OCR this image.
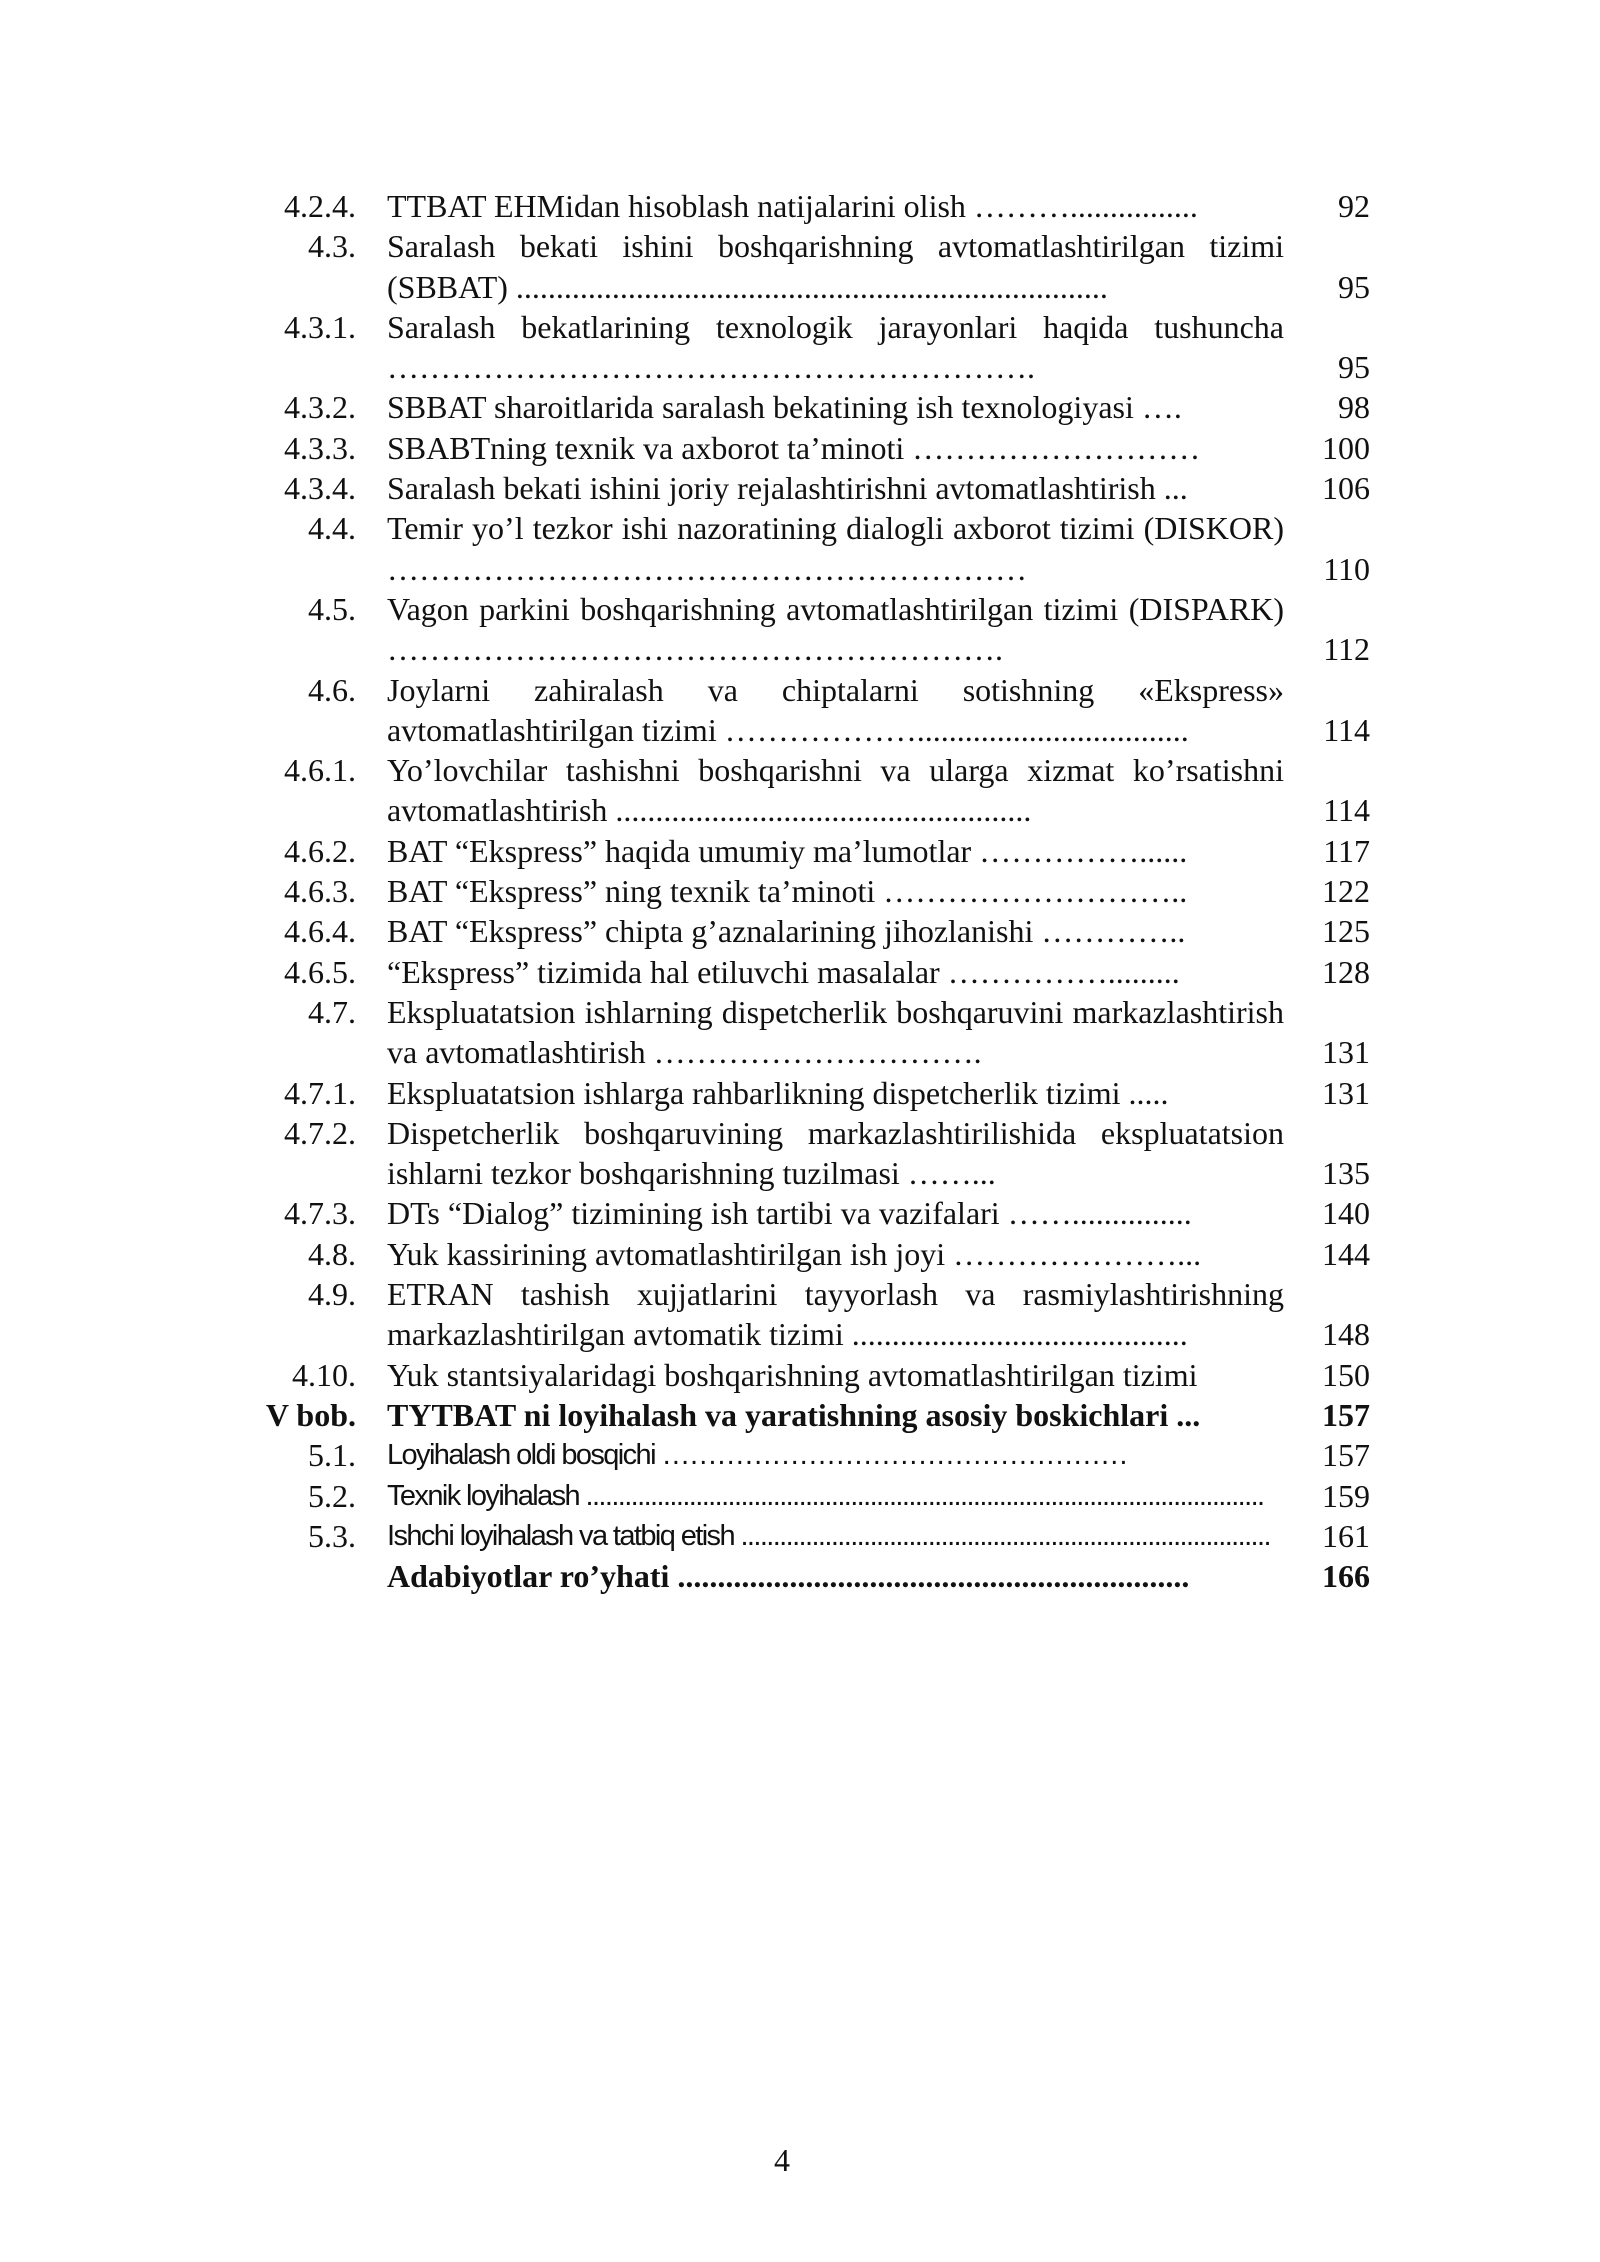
4.2.4. TTBAT EHMidan hisoblash natijalarini olish ………................	92
4.3. Saralash bekati ishini boshqarishning avtomatlashtirilgan tizimi (SBBAT) ..........................................................................	95
4.3.1. Saralash bekatlarining texnologik jarayonlari haqida tushuncha …………………………………………………….	95
4.3.2. SBBAT sharoitlarida saralash bekatining ish texnologiyasi ….	98
4.3.3. SBABTning texnik va axborot ta’minoti ………………………	100
4.3.4. Saralash bekati ishini joriy rejalashtirishni avtomatlashtirish ...	106
4.4. Temir yo’l tezkor ishi nazoratining dialogli axborot tizimi (DISKOR) ……………………………………………………	110
4.5. Vagon parkini boshqarishning avtomatlashtirilgan tizimi (DISPARK) ………………………………………………….	112
4.6. Joylarni zahiralash va chiptalarni sotishning «Ekspress» avtomatlashtirilgan tizimi ………………..................................	114
4.6.1. Yo’lovchilar tashishni boshqarishni va ularga xizmat ko’rsatishni avtomatlashtirish ....................................................	114
4.6.2. BAT “Ekspress” haqida umumiy ma’lumotlar ……………......	117
4.6.3. BAT “Ekspress” ning texnik ta’minoti ………………………..	122
4.6.4. BAT “Ekspress” chipta g’aznalarining jihozlanishi …………..	125
4.6.5. “Ekspress” tizimida hal etiluvchi masalalar …………….........	128
4.7. Ekspluatatsion ishlarning dispetcherlik boshqaruvini markazlashtirish va avtomatlashtirish ………………………….	131
4.7.1. Ekspluatatsion ishlarga rahbarlikning dispetcherlik tizimi .....	131
4.7.2. Dispetcherlik boshqaruvining markazlashtirilishida ekspluatatsion ishlarni tezkor boshqarishning tuzilmasi ……...	135
4.7.3. DTs “Dialog” tizimining ish tartibi va vazifalari ……...............	140
4.8. Yuk kassirining avtomatlashtirilgan ish joyi …………………...	144
4.9. ETRAN tashish xujjatlarini tayyorlash va rasmiylashtirishning markazlashtirilgan avtomatik tizimi ..........................................	148
4.10. Yuk stantsiyalaridagi boshqarishning avtomatlashtirilgan tizimi	150
V bob. TYTBAT ni loyihalash va yaratishning asosiy boskichlari ...	157
5.1. Loyihalash oldi bosqichi ……………………………………………	157
5.2. Texnik loyihalash .........................................................................................................	159
5.3. Ishchi loyihalash va tatbiq etish ..................................................................................	161
Adabiyotlar ro’yhati ................................................................	166
4
